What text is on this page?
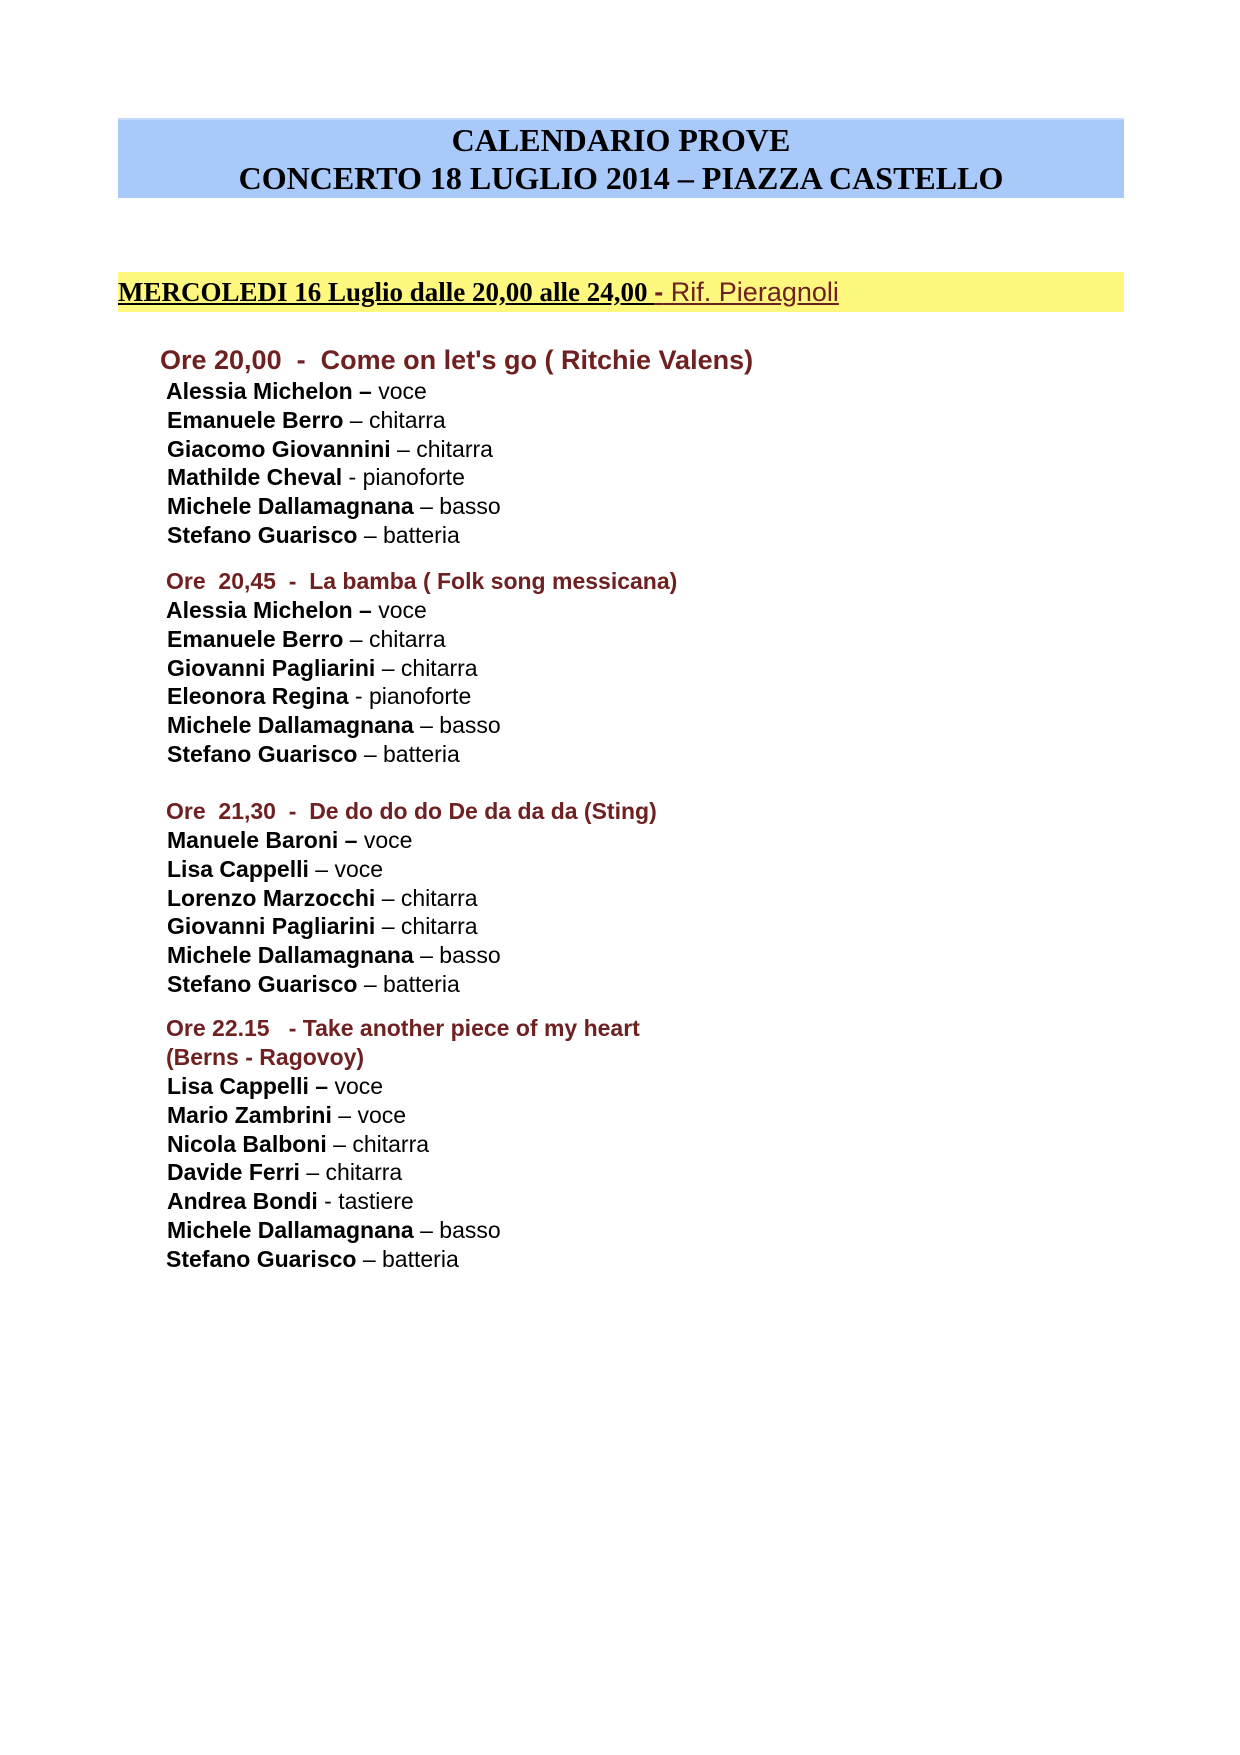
CALENDARIO PROVE
CONCERTO 18 LUGLIO 2014 – PIAZZA CASTELLO
MERCOLEDI 16 Luglio dalle 20,00 alle 24,00 - Rif. Pieragnoli
Ore 20,00  -  Come on let's go ( Ritchie Valens)
Alessia Michelon – voce
Emanuele Berro – chitarra
Giacomo Giovannini – chitarra
Mathilde Cheval - pianoforte
Michele Dallamagnana – basso
Stefano Guarisco – batteria
Ore  20,45  -  La bamba ( Folk song messicana)
Alessia Michelon – voce
Emanuele Berro – chitarra
Giovanni Pagliarini – chitarra
Eleonora Regina - pianoforte
Michele Dallamagnana – basso
Stefano Guarisco – batteria
Ore  21,30  -  De do do do De da da da (Sting)
Manuele Baroni – voce
Lisa Cappelli – voce
Lorenzo Marzocchi – chitarra
Giovanni Pagliarini – chitarra
Michele Dallamagnana – basso
Stefano Guarisco – batteria
Ore 22.15   - Take another piece of my heart
(Berns - Ragovoy)
Lisa Cappelli – voce
Mario Zambrini – voce
Nicola Balboni – chitarra
Davide Ferri – chitarra
Andrea Bondi - tastiere
Michele Dallamagnana – basso
Stefano Guarisco – batteria
